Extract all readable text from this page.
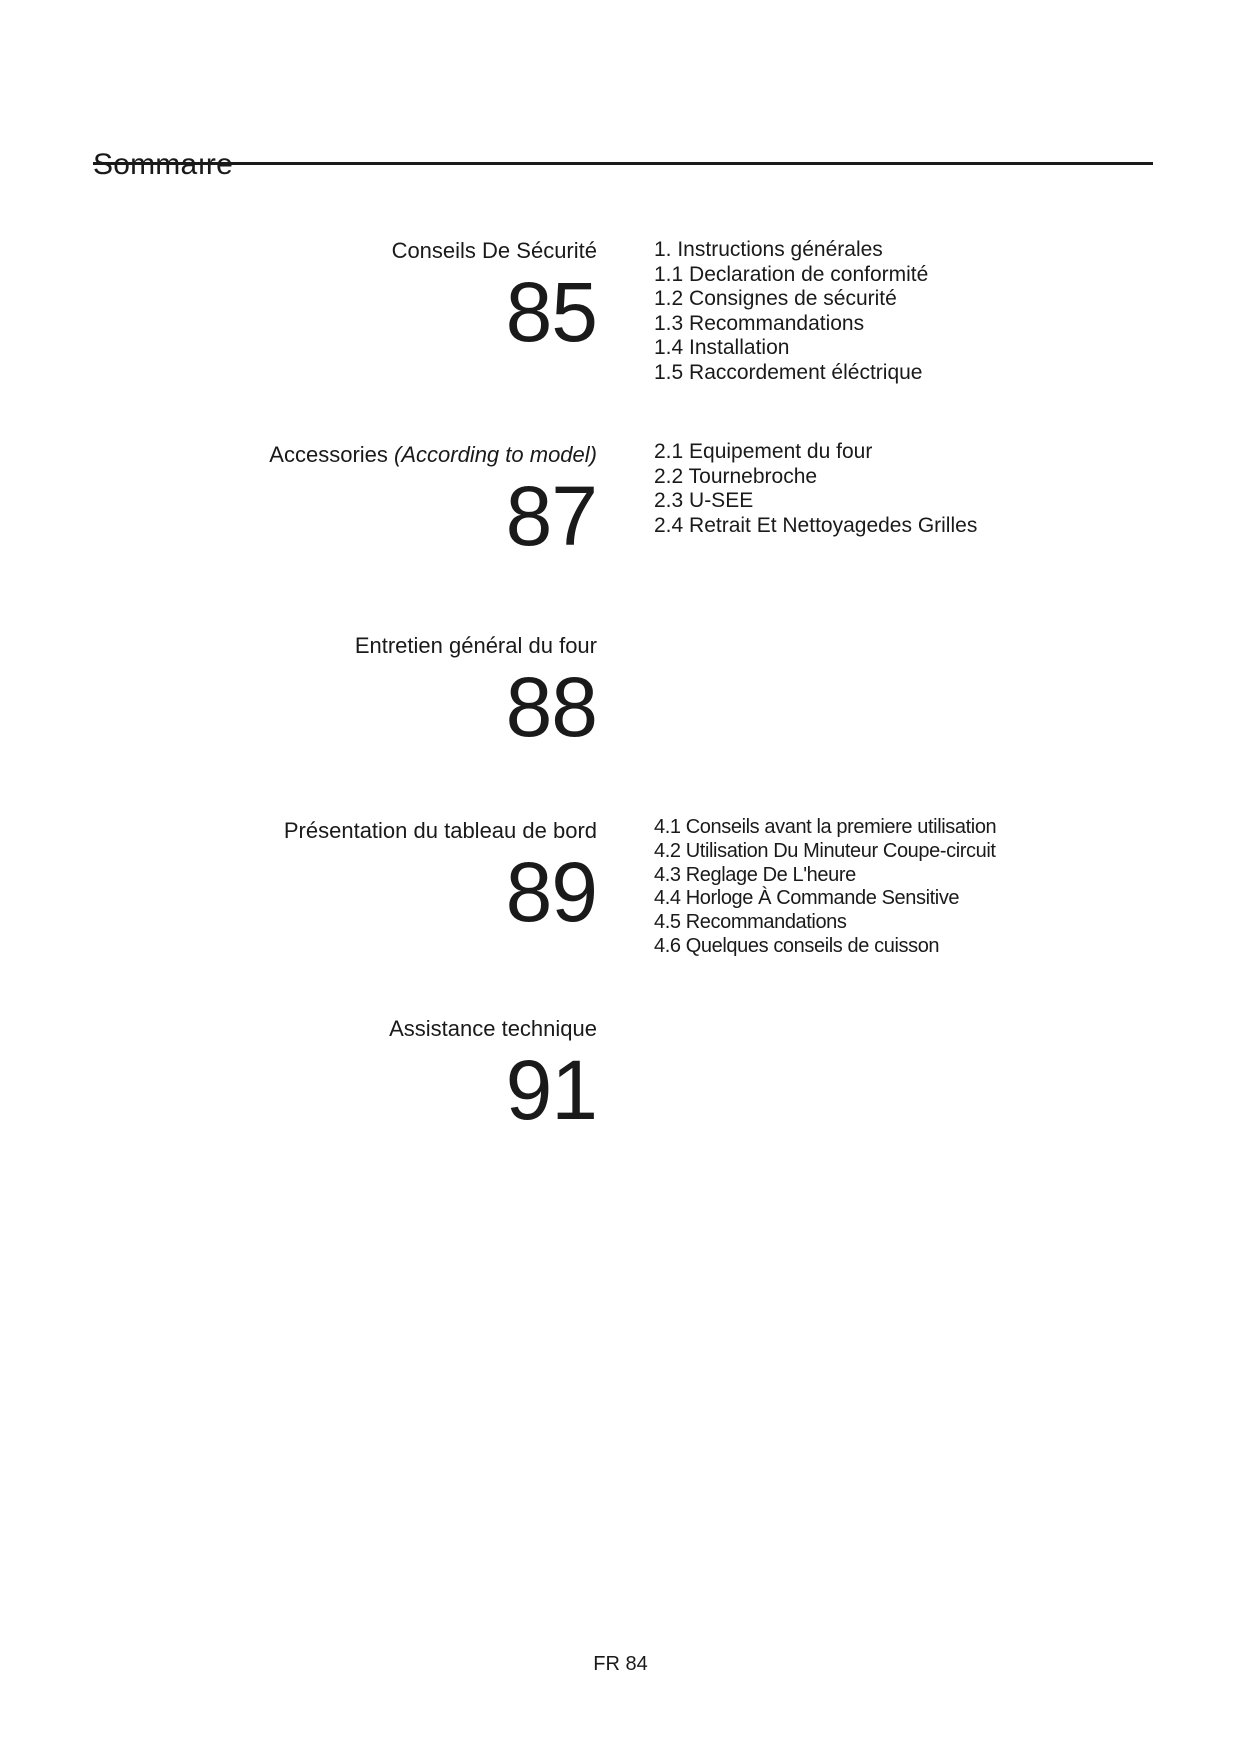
Sommaıre
Conseils De Sécurité
85
1. Instructions générales
1.1 Declaration de conformité
1.2 Consignes de sécurité
1.3 Recommandations
1.4 Installation
1.5 Raccordement éléctrique
Accessories (According to model)
87
2.1 Equipement du four
2.2 Tournebroche
2.3 U-SEE
2.4 Retrait Et Nettoyagedes Grilles
Entretien général du four
88
Présentation du tableau de bord
89
4.1 Conseils avant la premiere utilisation
4.2 Utilisation Du Minuteur Coupe-circuit
4.3 Reglage De L'heure
4.4 Horloge À Commande Sensitive
4.5 Recommandations
4.6 Quelques conseils de cuisson
Assistance technique
91
FR 84
